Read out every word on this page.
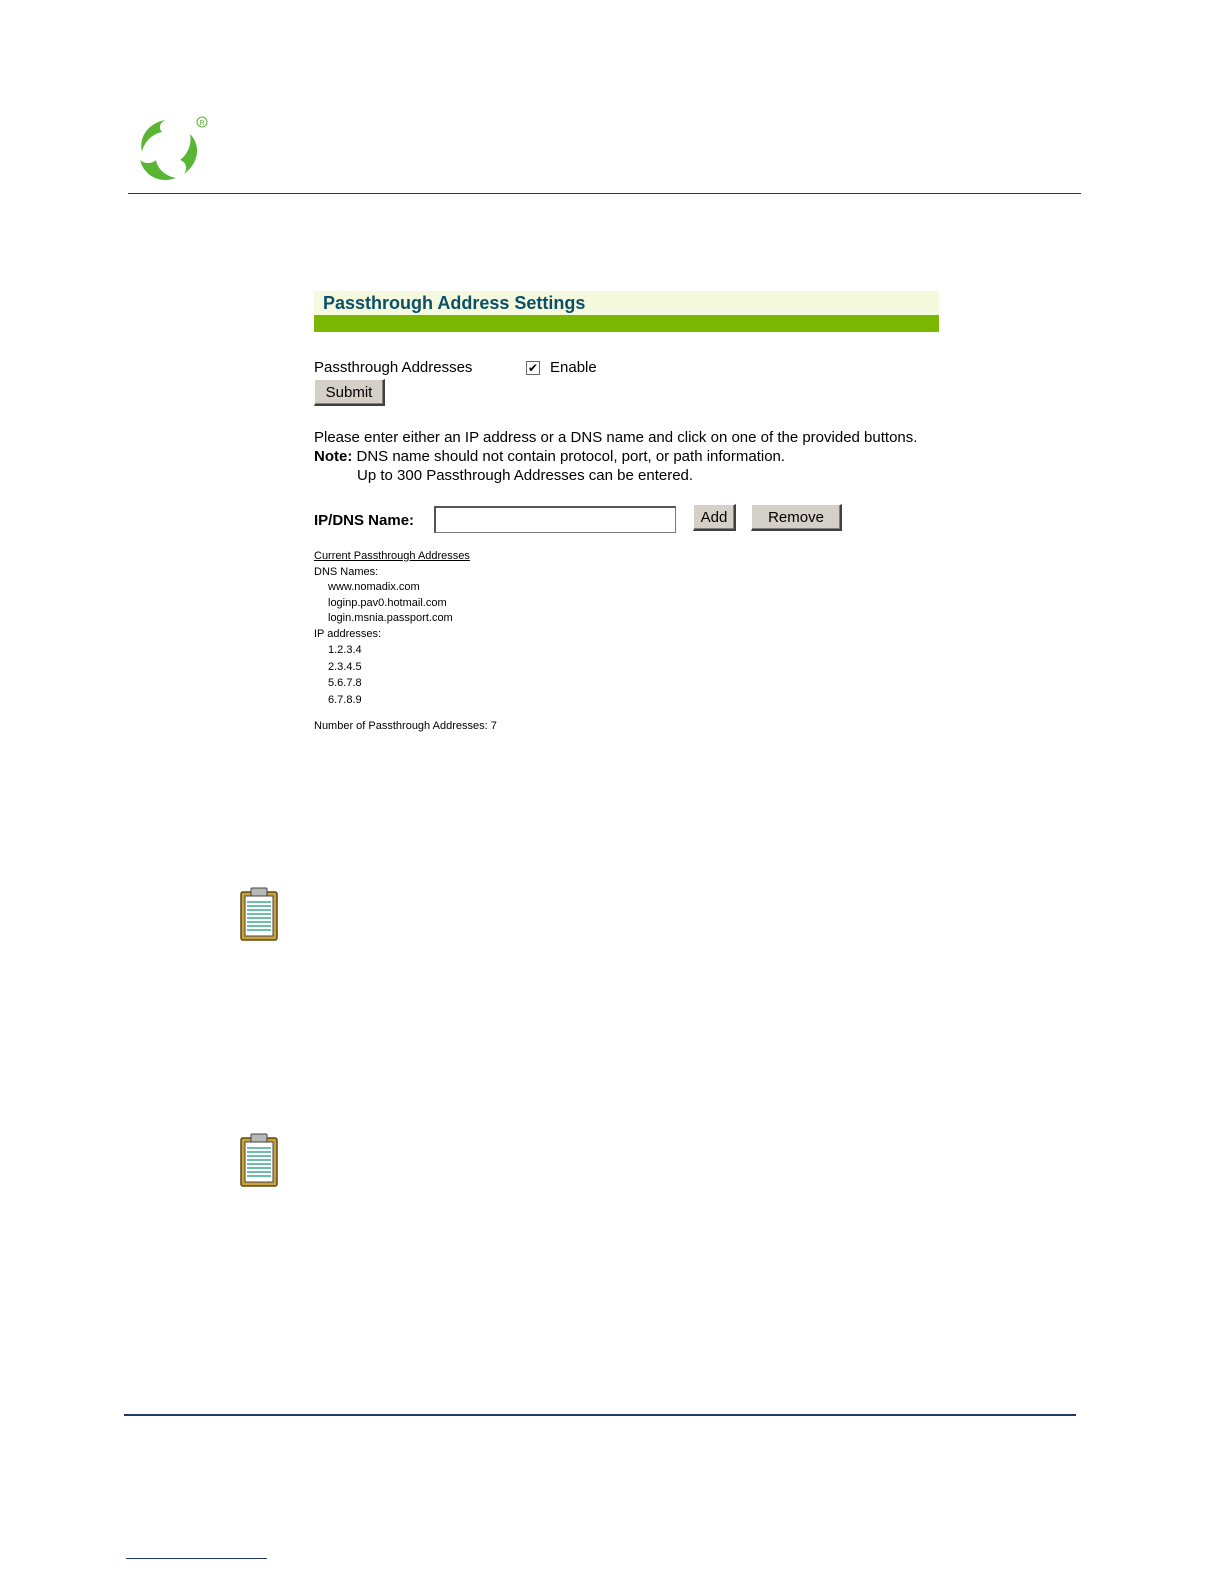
R
Passthrough Address Settings
Passthrough Addresses	✔ Enable
Submit
Please enter either an IP address or a DNS name and click on one of the provided buttons.
Note: DNS name should not contain protocol, port, or path information.
Up to 300 Passthrough Addresses can be entered.
IP/DNS Name:	Add	Remove
Current Passthrough Addresses
DNS Names:
www.nomadix.com
loginp.pav0.hotmail.com
login.msnia.passport.com
IP addresses:
1.2.3.4
2.3.4.5
5.6.7.8
6.7.8.9
Number of Passthrough Addresses: 7
